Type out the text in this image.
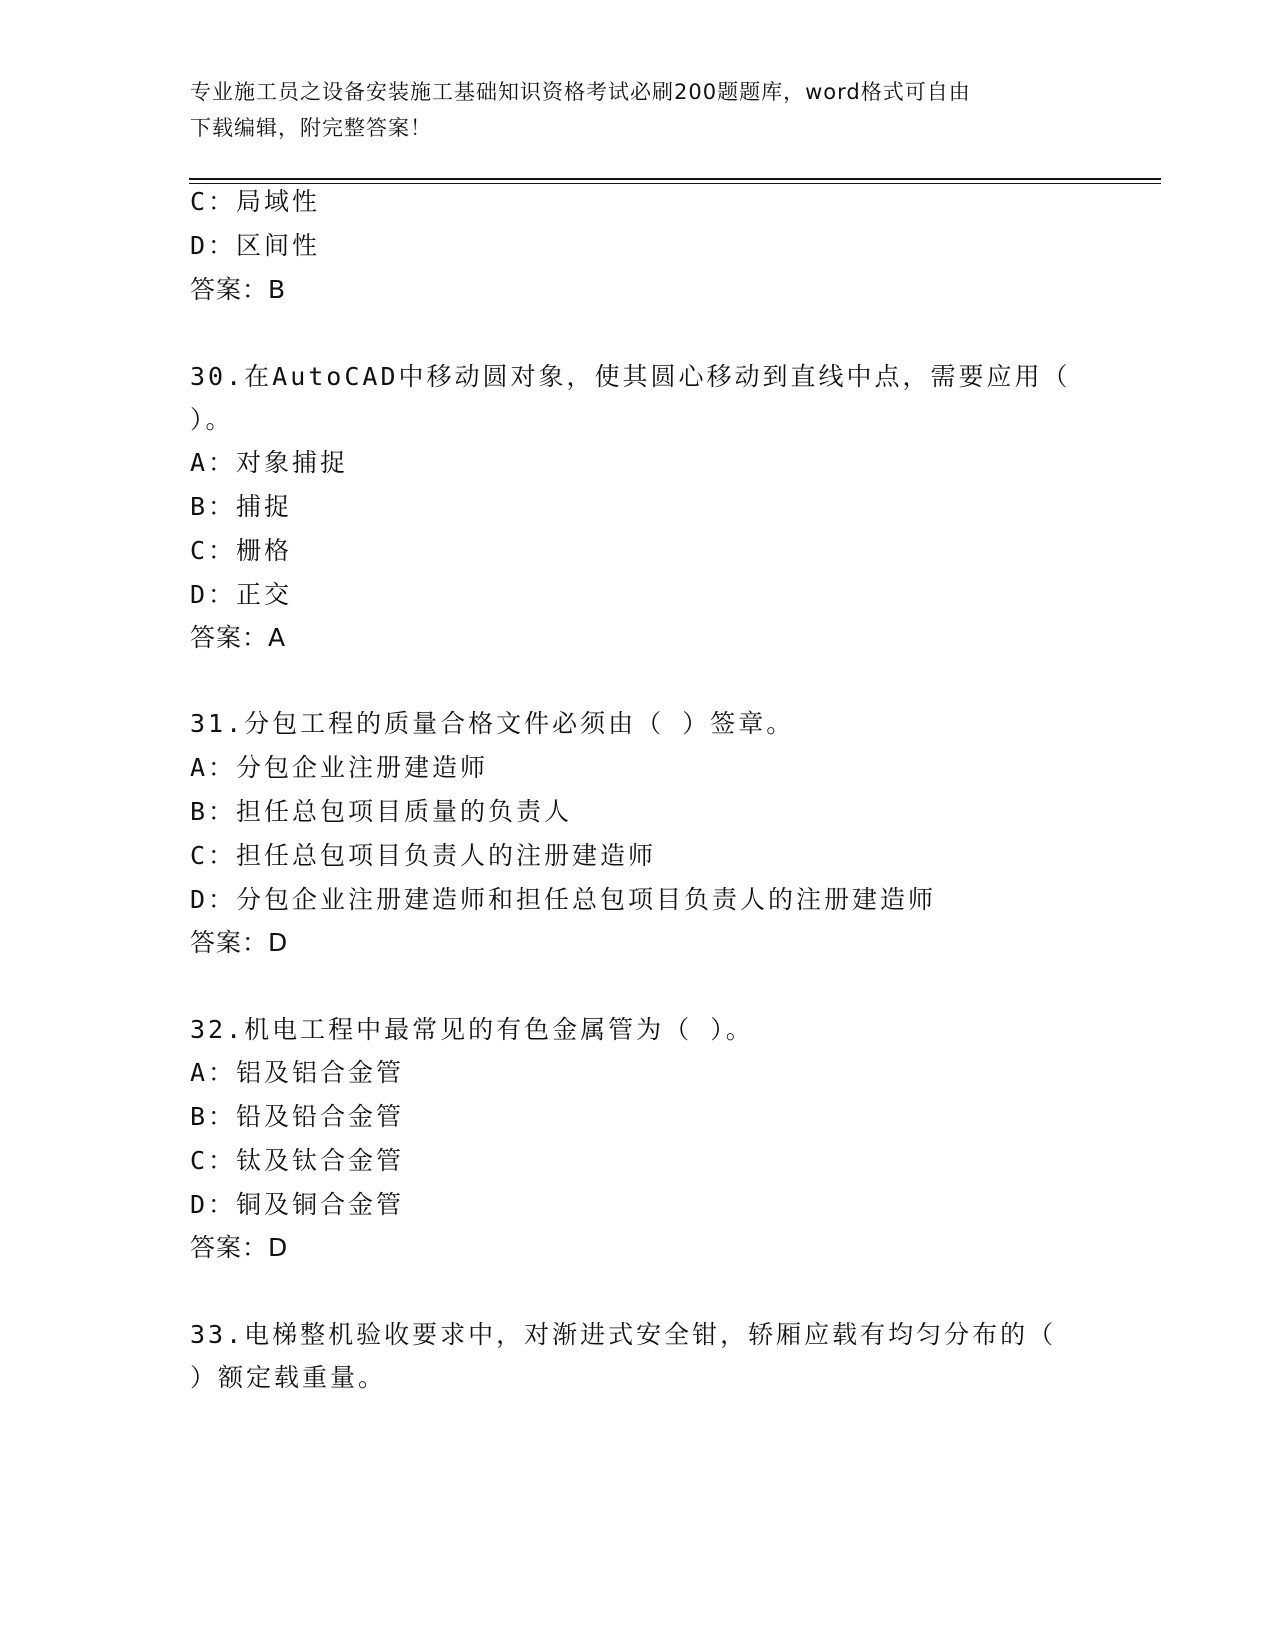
专业施工员之设备安装施工基础知识资格考试必刷200题题库，word格式可自由
下载编辑，附完整答案！
C：局域性
D：区间性
答案：B
30.在AutoCAD中移动圆对象，使其圆心移动到直线中点，需要应用（
）。
A：对象捕捉
B：捕捉
C：栅格
D：正交
答案：A
31.分包工程的质量合格文件必须由（ ）签章。
A：分包企业注册建造师
B：担任总包项目质量的负责人
C：担任总包项目负责人的注册建造师
D：分包企业注册建造师和担任总包项目负责人的注册建造师
答案：D
32.机电工程中最常见的有色金属管为（ ）。
A：铝及铝合金管
B：铅及铅合金管
C：钛及钛合金管
D：铜及铜合金管
答案：D
33.电梯整机验收要求中，对渐进式安全钳，轿厢应载有均匀分布的（
）额定载重量。
